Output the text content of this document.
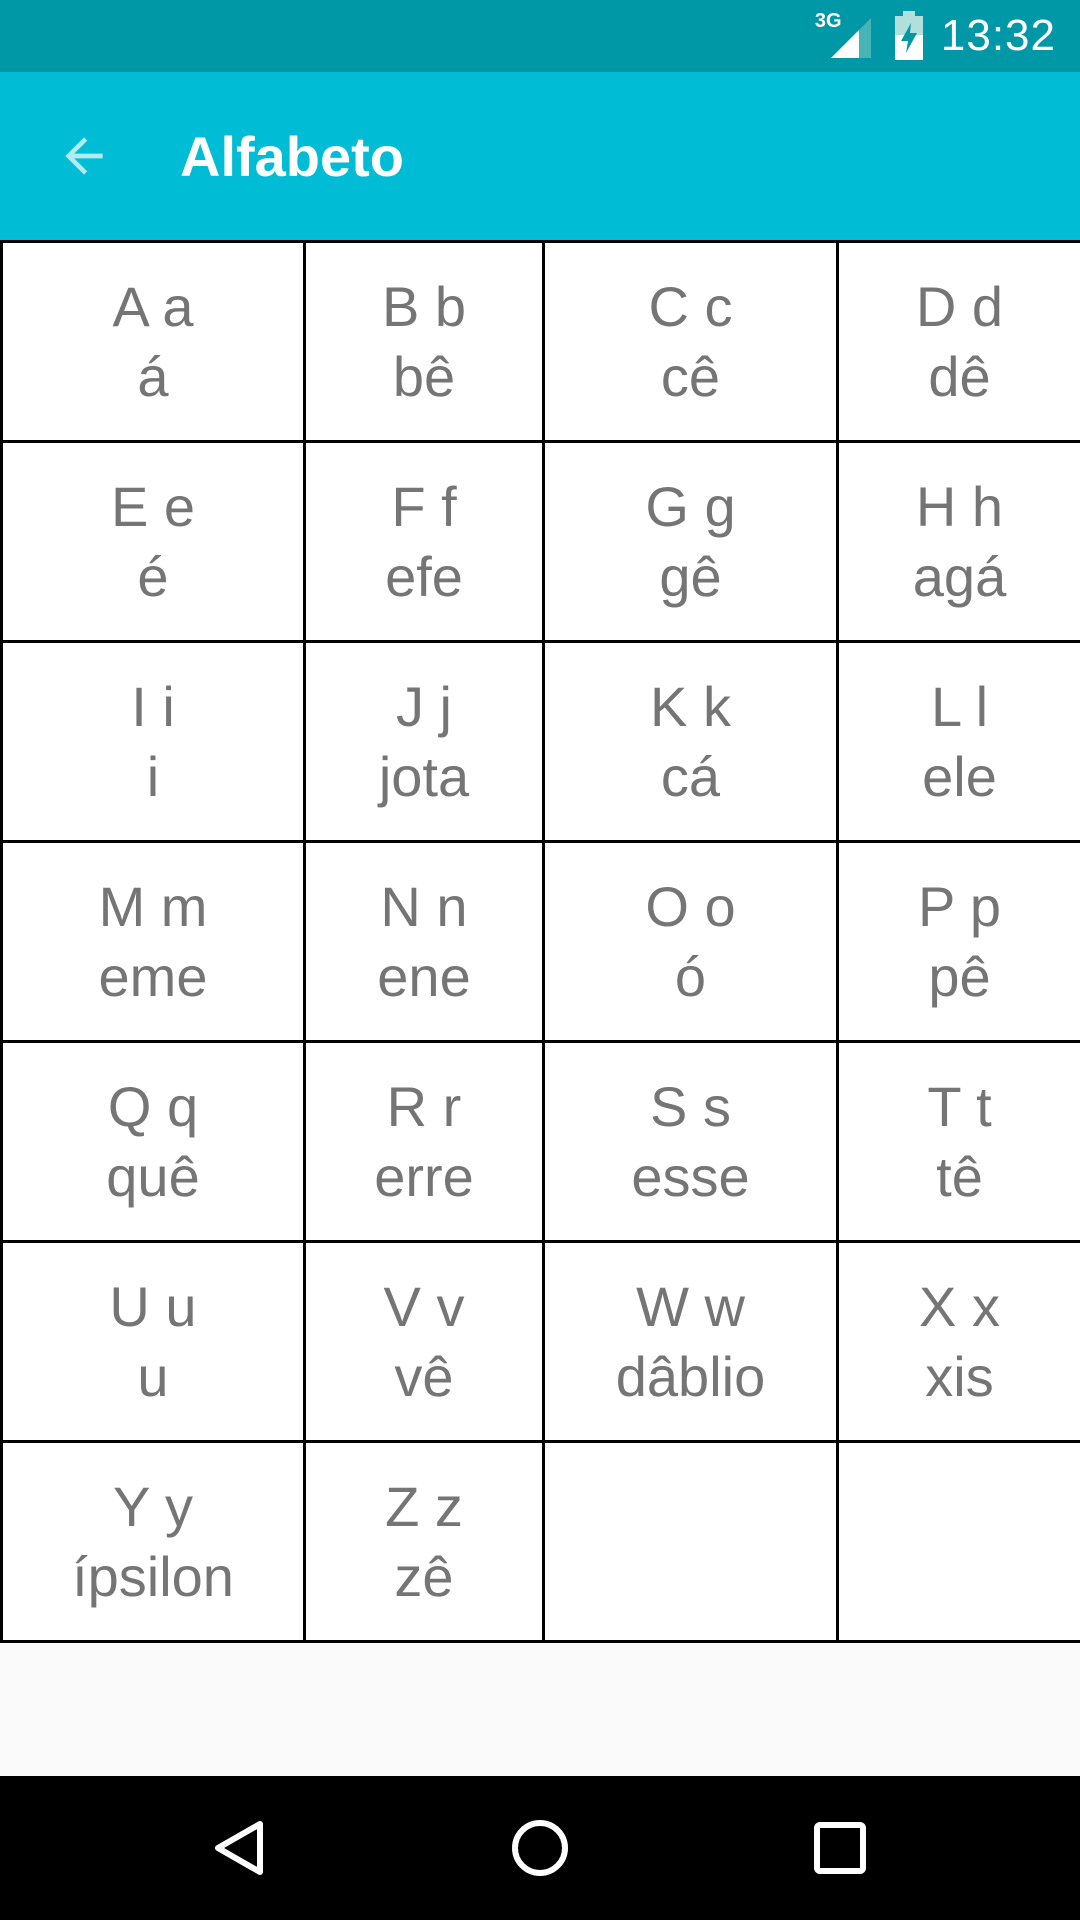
3G 13:32
Alfabeto
A a
á
B b
bê
C c
cê
D d
dê
E e
é
F f
efe
G g
gê
H h
agá
I i
i
J j
jota
K k
cá
L l
ele
M m
eme
N n
ene
O o
ó
P p
pê
Q q
quê
R r
erre
S s
esse
T t
tê
U u
u
V v
vê
W w
dâblio
X x
xis
Y y
ípsilon
Z z
zê
